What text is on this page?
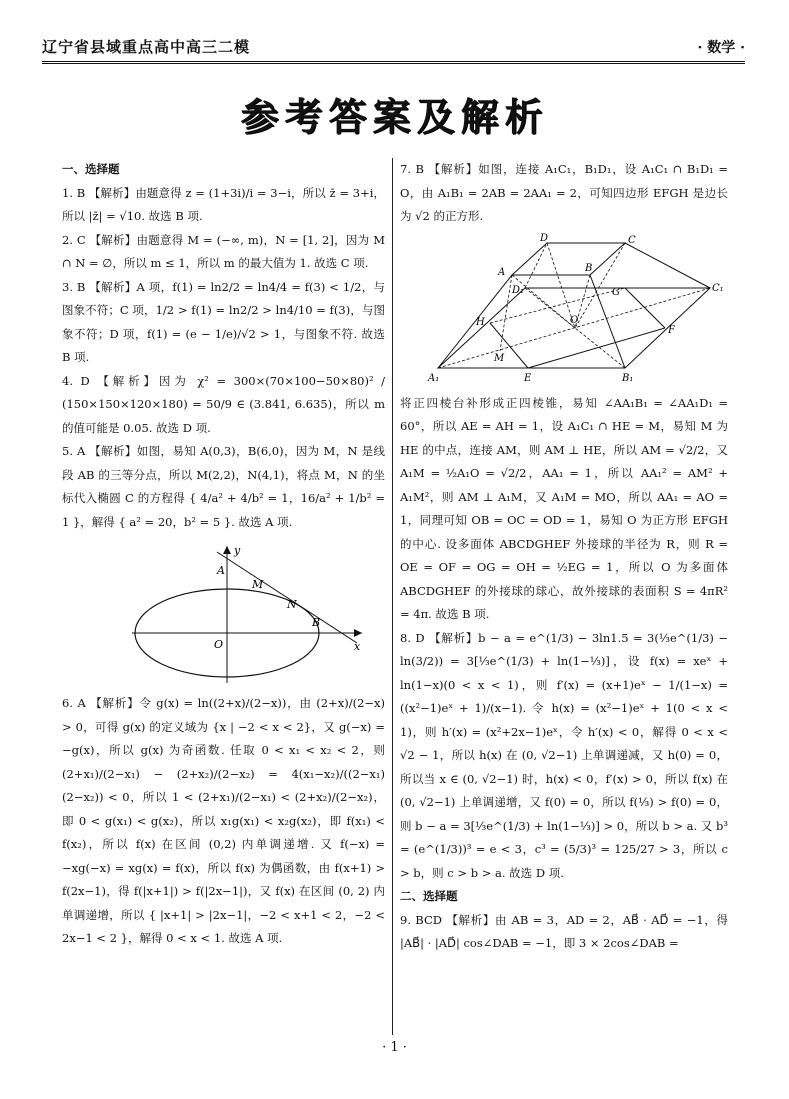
辽宁省县域重点高中高三二模	· 数学 ·
参考答案及解析
一、选择题

1. B 【解析】由题意得 z = (1+3i)/i = 3−i，所以 z̄ = 3+i，所以 |z̄| = √10. 故选 B 项.

2. C 【解析】由题意得 M = (−∞, m)，N = [1, 2]，因为 M ∩ N = ∅，所以 m ≤ 1，所以 m 的最大值为 1. 故选 C 项.

3. B 【解析】A 项，f(1) = ln2/2 = ln4/4 = f(3) < 1/2，与图象不符；C 项，1/2 > f(1) = ln2/2 > ln4/10 = f(3)，与图象不符；D 项，f(1) = (e − 1/e)/√2 > 1，与图象不符. 故选 B 项.

4. D 【解析】因为 χ² = 300×(70×100−50×80)² / (150×150×120×180) = 50/9 ∈ (3.841, 6.635)，所以 m 的值可能是 0.05. 故选 D 项.

5. A 【解析】如图，易知 A(0,3)，B(6,0)，因为 M，N 是线段 AB 的三等分点，所以 M(2,2)，N(4,1)，将点 M，N 的坐标代入椭圆 C 的方程得 { 4/a² + 4/b² = 1，16/a² + 1/b² = 1 }，解得 { a² = 20，b² = 5 }. 故选 A 项.

y
A
M
N
B
x
O

6. A 【解析】令 g(x) = ln((2+x)/(2−x))，由 (2+x)/(2−x) > 0，可得 g(x) 的定义域为 {x | −2 < x < 2}，又 g(−x) = −g(x)，所以 g(x) 为奇函数. 任取 0 < x₁ < x₂ < 2，则 (2+x₁)/(2−x₁) − (2+x₂)/(2−x₂) = 4(x₁−x₂)/((2−x₁)(2−x₂)) < 0，所以 1 < (2+x₁)/(2−x₁) < (2+x₂)/(2−x₂)，即 0 < g(x₁) < g(x₂)，所以 x₁g(x₁) < x₂g(x₂)，即 f(x₁) < f(x₂)，所以 f(x) 在区间 (0,2) 内单调递增. 又 f(−x) = −xg(−x) = xg(x) = f(x)，所以 f(x) 为偶函数，由 f(x+1) > f(2x−1)，得 f(|x+1|) > f(|2x−1|)，又 f(x) 在区间 (0, 2) 内单调递增，所以 { |x+1| > |2x−1|，−2 < x+1 < 2，−2 < 2x−1 < 2 }，解得 0 < x < 1. 故选 A 项.

7. B 【解析】如图，连接 A₁C₁，B₁D₁，设 A₁C₁ ∩ B₁D₁ = O，由 A₁B₁ = 2AB = 2AA₁ = 2，可知四边形 EFGH 是边长为 √2 的正方形.

D	C
A	B
D₁	G	C₁
H	O
M
F
A₁	E	B₁

将正四棱台补形成正四棱锥，易知 ∠AA₁B₁ = ∠AA₁D₁ = 60°，所以 AE = AH = 1，设 A₁C₁ ∩ HE = M，易知 M 为 HE 的中点，连接 AM，则 AM ⊥ HE，所以 AM = √2/2，又 A₁M = ½A₁O = √2/2，AA₁ = 1，所以 AA₁² = AM² + A₁M²，则 AM ⊥ A₁M，又 A₁M = MO，所以 AA₁ = AO = 1，同理可知 OB = OC = OD = 1，易知 O 为正方形 EFGH 的中心. 设多面体 ABCDGHEF 外接球的半径为 R，则 R = OE = OF = OG = OH = ½EG = 1，所以 O 为多面体 ABCDGHEF 的外接球的球心，故外接球的表面积 S = 4πR² = 4π. 故选 B 项.

8. D 【解析】b − a = e^(1/3) − 3ln1.5 = 3(⅓e^(1/3) − ln(3/2)) = 3[⅓e^(1/3) + ln(1−⅓)]，设 f(x) = xeˣ + ln(1−x)(0 < x < 1)，则 f′(x) = (x+1)eˣ − 1/(1−x) = ((x²−1)eˣ + 1)/(x−1). 令 h(x) = (x²−1)eˣ + 1(0 < x < 1)，则 h′(x) = (x²+2x−1)eˣ，令 h′(x) < 0，解得 0 < x < √2 − 1，所以 h(x) 在 (0, √2−1) 上单调递减，又 h(0) = 0，所以当 x ∈ (0, √2−1) 时，h(x) < 0，f′(x) > 0，所以 f(x) 在 (0, √2−1) 上单调递增，又 f(0) = 0，所以 f(⅓) > f(0) = 0，则 b − a = 3[⅓e^(1/3) + ln(1−⅓)] > 0，所以 b > a. 又 b³ = (e^(1/3))³ = e < 3，c³ = (5/3)³ = 125/27 > 3，所以 c > b，则 c > b > a. 故选 D 项.

二、选择题

9. BCD 【解析】由 AB = 3，AD = 2，AB⃗ · AD⃗ = −1，得 |AB⃗| · |AD⃗| cos∠DAB = −1，即 3 × 2cos∠DAB =

· 1 ·
